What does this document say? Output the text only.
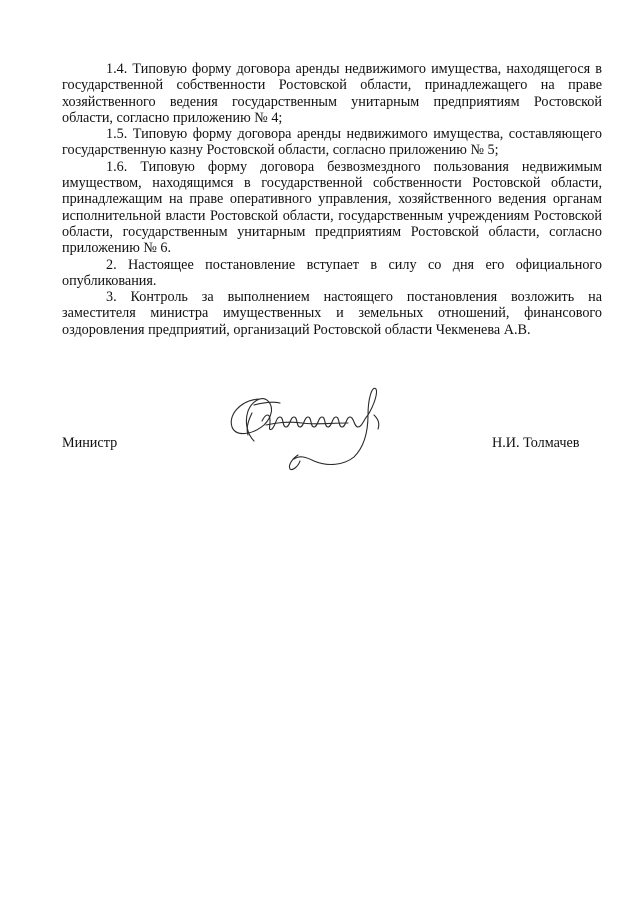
1.4. Типовую форму договора аренды недвижимого имущества, находящегося в государственной собственности Ростовской области, принадлежащего на праве хозяйственного ведения государственным унитарным предприятиям Ростовской области, согласно приложению № 4;

1.5. Типовую форму договора аренды недвижимого имущества, составляющего государственную казну Ростовской области, согласно приложению № 5;

1.6. Типовую форму договора безвозмездного пользования недвижимым имуществом, находящимся в государственной собственности Ростовской области, принадлежащим на праве оперативного управления, хозяйственного ведения органам исполнительной власти Ростовской области, государственным учреждениям Ростовской области, государственным унитарным предприятиям Ростовской области, согласно приложению № 6.

2. Настоящее постановление вступает в силу со дня его официального опубликования.

3. Контроль за выполнением настоящего постановления возложить на заместителя министра имущественных и земельных отношений, финансового оздоровления предприятий, организаций Ростовской области Чекменева А.В.

Министр	Н.И. Толмачев
